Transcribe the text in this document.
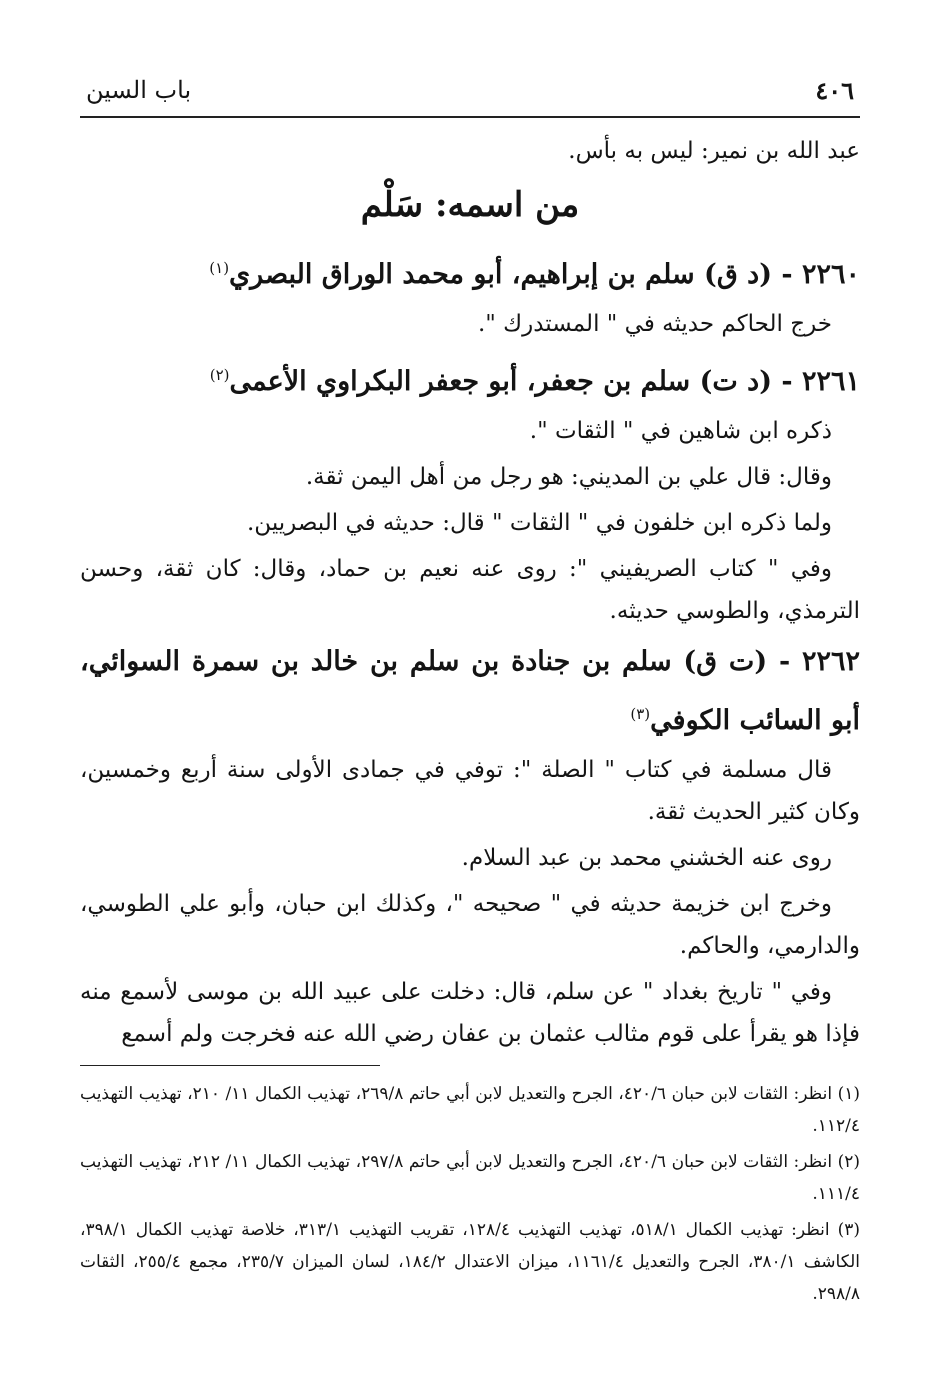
٤٠٦
باب السين

عبد الله بن نمير: ليس به بأس.

من اسمه: سَلْم
٢٢٦٠ - (د ق) سلم بن إبراهيم، أبو محمد الوراق البصري$^{(١)}$

خرج الحاكم حديثه في " المستدرك ".

٢٢٦١ - (د ت) سلم بن جعفر، أبو جعفر البكراوي الأعمى$^{(٢)}$

ذكره ابن شاهين في " الثقات ".

وقال: قال علي بن المديني: هو رجل من أهل اليمن ثقة.

ولما ذكره ابن خلفون في " الثقات " قال: حديثه في البصريين.

وفي " كتاب الصريفيني ": روى عنه نعيم بن حماد، وقال: كان ثقة، وحسن الترمذي، والطوسي حديثه.

٢٢٦٢ - (ت ق) سلم بن جنادة بن سلم بن خالد بن سمرة السوائي، أبو السائب الكوفي$^{(٣)}$

قال مسلمة في كتاب " الصلة ": توفي في جمادى الأولى سنة أربع وخمسين، وكان كثير الحديث ثقة.

روى عنه الخشني محمد بن عبد السلام.

وخرج ابن خزيمة حديثه في " صحيحه "، وكذلك ابن حبان، وأبو علي الطوسي، والدارمي، والحاكم.

وفي " تاريخ بغداد " عن سلم، قال: دخلت على عبيد الله بن موسى لأسمع منه فإذا هو يقرأ على قوم مثالب عثمان بن عفان رضي الله عنه فخرجت ولم أسمع

(١) انظر: الثقات لابن حبان ٤٢٠/٦، الجرح والتعديل لابن أبي حاتم ٢٦٩/٨، تهذيب الكمال ١١/ ٢١٠، تهذيب التهذيب ١١٢/٤.

(٢) انظر: الثقات لابن حبان ٤٢٠/٦، الجرح والتعديل لابن أبي حاتم ٢٩٧/٨، تهذيب الكمال ١١/ ٢١٢، تهذيب التهذيب ١١١/٤.

(٣) انظر: تهذيب الكمال ٥١٨/١، تهذيب التهذيب ١٢٨/٤، تقريب التهذيب ٣١٣/١، خلاصة تهذيب الكمال ٣٩٨/١، الكاشف ٣٨٠/١، الجرح والتعديل ١١٦١/٤، ميزان الاعتدال ١٨٤/٢، لسان الميزان ٢٣٥/٧، مجمع ٢٥٥/٤، الثقات ٢٩٨/٨.
